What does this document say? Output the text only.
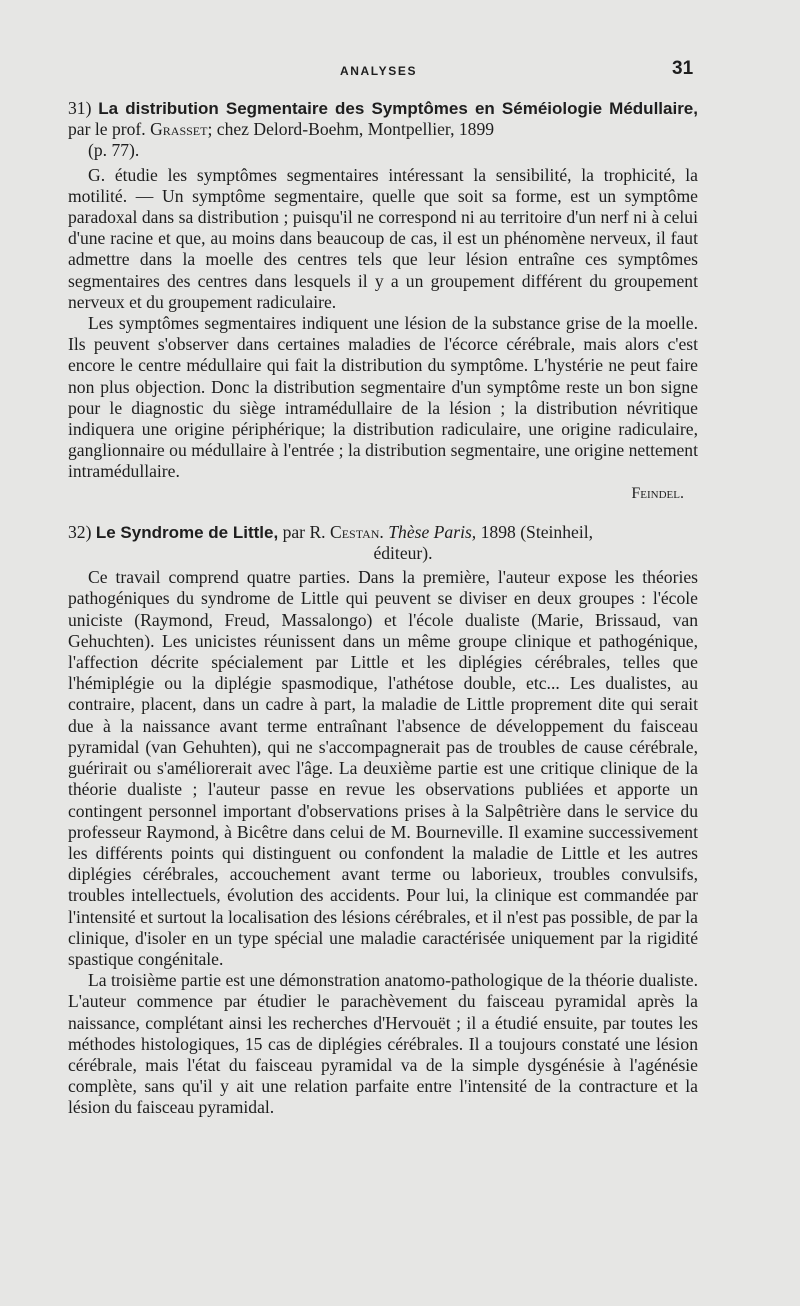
ANALYSES	31

31) La distribution Segmentaire des Symptômes en Séméiologie Médullaire, par le prof. Grasset; chez Delord-Boehm, Montpellier, 1899
(p. 77).

G. étudie les symptômes segmentaires intéressant la sensibilité, la trophicité, la motilité. — Un symptôme segmentaire, quelle que soit sa forme, est un symptôme paradoxal dans sa distribution ; puisqu'il ne correspond ni au territoire d'un nerf ni à celui d'une racine et que, au moins dans beaucoup de cas, il est un phénomène nerveux, il faut admettre dans la moelle des centres tels que leur lésion entraîne ces symptômes segmentaires des centres dans lesquels il y a un groupement différent du groupement nerveux et du groupement radiculaire.

Les symptômes segmentaires indiquent une lésion de la substance grise de la moelle. Ils peuvent s'observer dans certaines maladies de l'écorce cérébrale, mais alors c'est encore le centre médullaire qui fait la distribution du symptôme. L'hystérie ne peut faire non plus objection. Donc la distribution segmentaire d'un symptôme reste un bon signe pour le diagnostic du siège intramédullaire de la lésion ; la distribution névritique indiquera une origine périphérique; la distribution radiculaire, une origine radiculaire, ganglionnaire ou médullaire à l'entrée ; la distribution segmentaire, une origine nettement intramédullaire.

Feindel.

32) Le Syndrome de Little, par R. Cestan. Thèse Paris, 1898 (Steinheil,
éditeur).

Ce travail comprend quatre parties. Dans la première, l'auteur expose les théories pathogéniques du syndrome de Little qui peuvent se diviser en deux groupes : l'école uniciste (Raymond, Freud, Massalongo) et l'école dualiste (Marie, Brissaud, van Gehuchten). Les unicistes réunissent dans un même groupe clinique et pathogénique, l'affection décrite spécialement par Little et les diplégies cérébrales, telles que l'hémiplégie ou la diplégie spasmodique, l'athétose double, etc... Les dualistes, au contraire, placent, dans un cadre à part, la maladie de Little proprement dite qui serait due à la naissance avant terme entraînant l'absence de développement du faisceau pyramidal (van Gehuhten), qui ne s'accompagnerait pas de troubles de cause cérébrale, guérirait ou s'améliorerait avec l'âge. La deuxième partie est une critique clinique de la théorie dualiste ; l'auteur passe en revue les observations publiées et apporte un contingent personnel important d'observations prises à la Salpêtrière dans le service du professeur Raymond, à Bicêtre dans celui de M. Bourneville. Il examine successivement les différents points qui distinguent ou confondent la maladie de Little et les autres diplégies cérébrales, accouchement avant terme ou laborieux, troubles convulsifs, troubles intellectuels, évolution des accidents. Pour lui, la clinique est commandée par l'intensité et surtout la localisation des lésions cérébrales, et il n'est pas possible, de par la clinique, d'isoler en un type spécial une maladie caractérisée uniquement par la rigidité spastique congénitale.

La troisième partie est une démonstration anatomo-pathologique de la théorie dualiste. L'auteur commence par étudier le parachèvement du faisceau pyramidal après la naissance, complétant ainsi les recherches d'Hervouët ; il a étudié ensuite, par toutes les méthodes histologiques, 15 cas de diplégies cérébrales. Il a toujours constaté une lésion cérébrale, mais l'état du faisceau pyramidal va de la simple dysgénésie à l'agénésie complète, sans qu'il y ait une relation parfaite entre l'intensité de la contracture et la lésion du faisceau pyramidal.
